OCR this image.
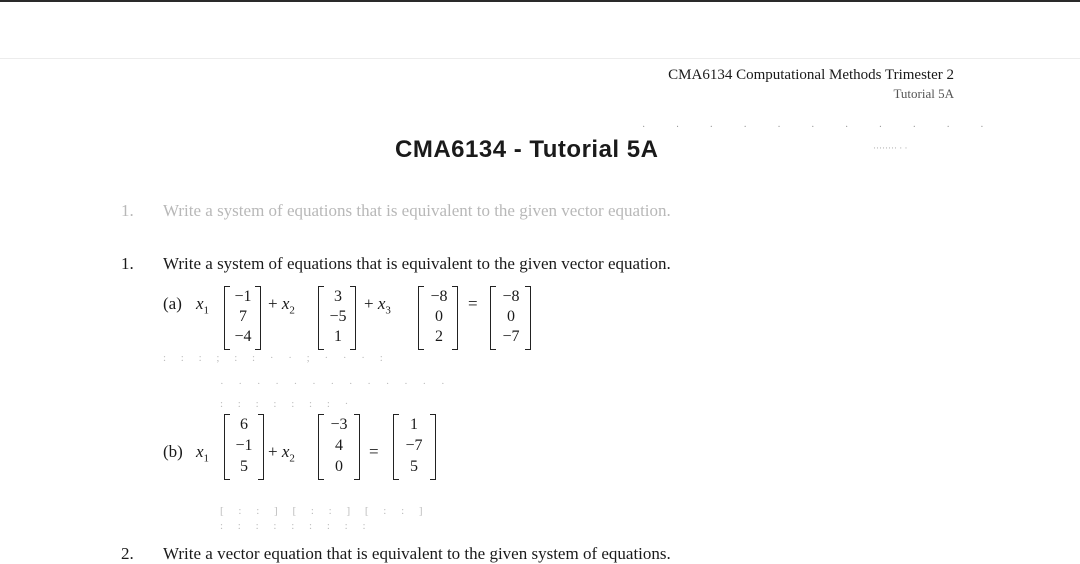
CMA6134 Computational Methods Trimester 2
Tutorial 5A
· · · · · · · · · · ·
········ · ·
CMA6134 - Tutorial 5A
1. Write a system of equations that is equivalent to the given vector equation.
1. Write a system of equations that is equivalent to the given vector equation.
(a) $x_1$
−1
7
−4
+ $x_2$
3
−5
1
+ $x_3$
−8
0
2
=	−8
0
−7
: : : ; : : · · ; · · · :
· · · · · · · · · · · · ·
: : : : : : : ·
(b) $x_1$
6
−1
5
+ $x_2$
−3
4
0
=
1
−7
5
[ : : ] [ : : ] [ : : ]
: : : : : : : : :
2. Write a vector equation that is equivalent to the given system of equations.
